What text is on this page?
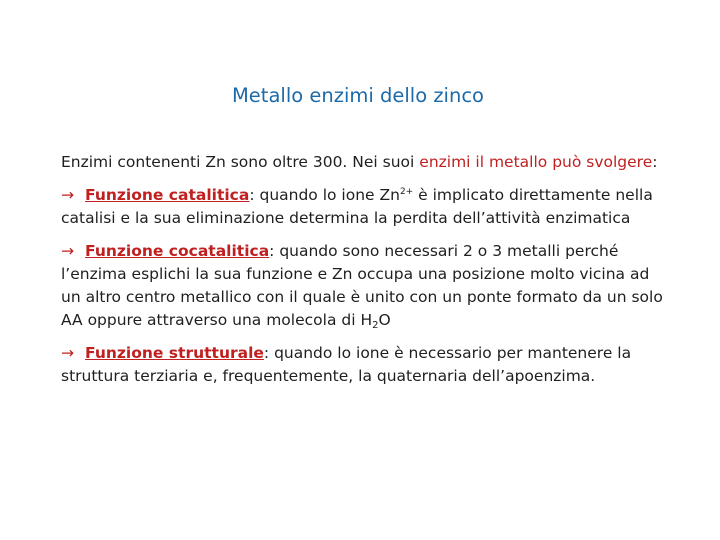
Metallo enzimi dello zinco

Enzimi contenenti Zn sono oltre 300. Nei suoi enzimi il metallo può svolgere:

→ Funzione catalitica: quando lo ione $Zn^{2+}$ è implicato direttamente nella catalisi e la sua eliminazione determina la perdita dell’attività enzimatica

→ Funzione cocatalitica: quando sono necessari 2 o 3 metalli perché l’enzima esplichi la sua funzione e Zn occupa una posizione molto vicina ad un altro centro metallico con il quale è unito con un ponte formato da un solo AA oppure attraverso una molecola di $H_2O$

→ Funzione strutturale: quando lo ione è necessario per mantenere la struttura terziaria e, frequentemente, la quaternaria dell’apoenzima.
